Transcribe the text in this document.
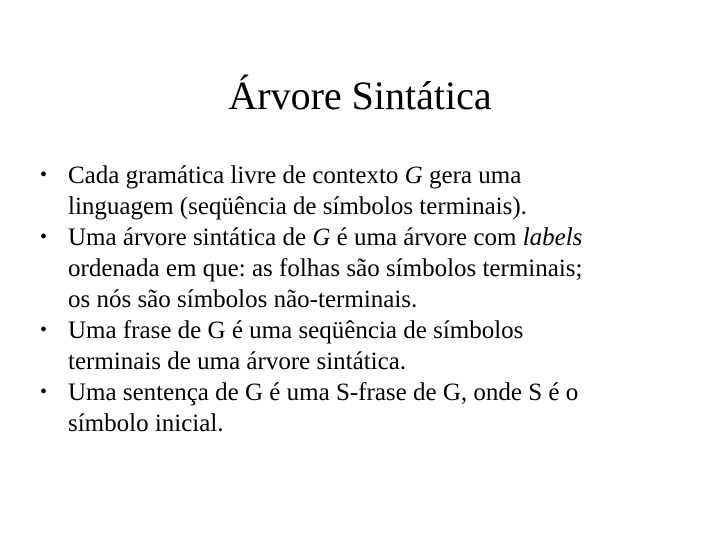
Árvore Sintática
• Cada gramática livre de contexto G gera uma
linguagem (seqüência de símbolos terminais).
• Uma árvore sintática de G é uma árvore com labels
ordenada em que: as folhas são símbolos terminais;
os nós são símbolos não-terminais.
• Uma frase de G é uma seqüência de símbolos
terminais de uma árvore sintática.
• Uma sentença de G é uma S-frase de G, onde S é o
símbolo inicial.
